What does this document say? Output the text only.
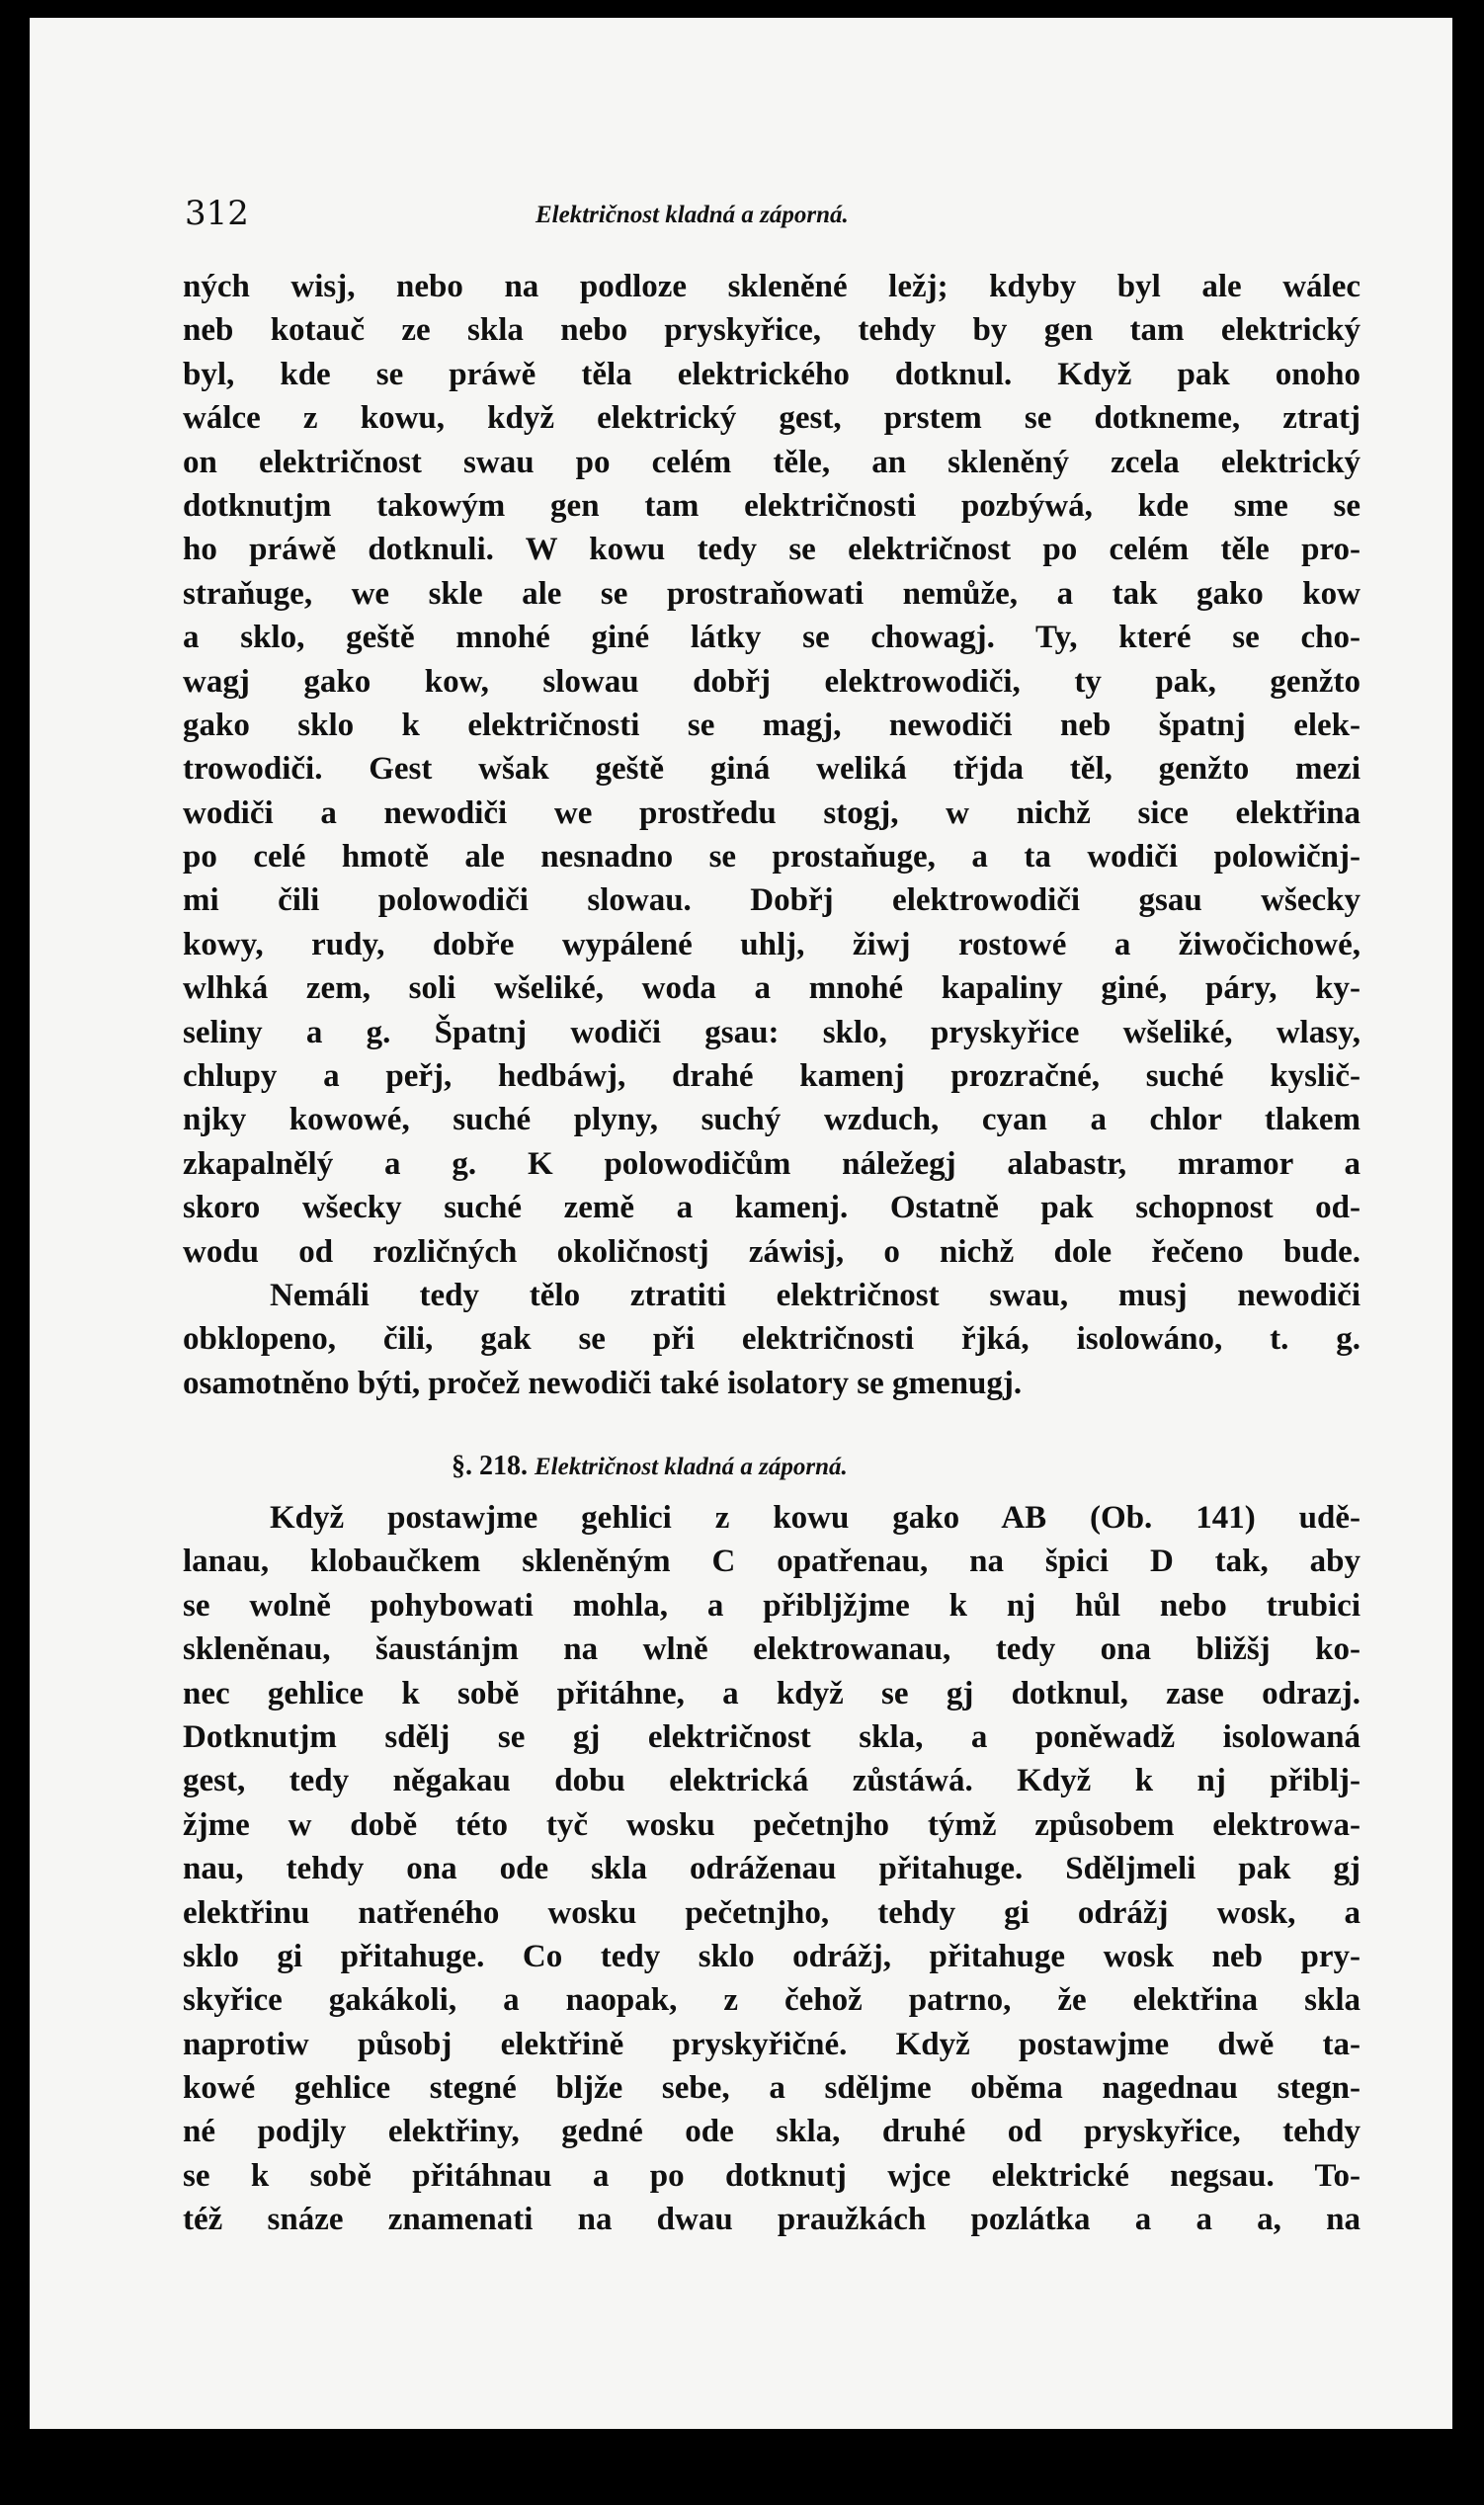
312	Električnost kladná a záporná.
ných wisj, nebo na podloze skleněné ležj; kdyby byl ale wálec
neb kotauč ze skla nebo pryskyřice, tehdy by gen tam elektrický
byl, kde se práwě těla elektrického dotknul. Když pak onoho
wálce z kowu, když elektrický gest, prstem se dotkneme, ztratj
on električnost swau po celém těle, an skleněný zcela elektrický
dotknutjm takowým gen tam električnosti pozbýwá, kde sme se
ho práwě dotknuli. W kowu tedy se električnost po celém těle pro-
straňuge, we skle ale se prostraňowati nemůže, a tak gako kow
a sklo, geště mnohé giné látky se chowagj. Ty, které se cho-
wagj gako kow, slowau dobřj elektrowodiči, ty pak, genžto
gako sklo k električnosti se magj, newodiči neb špatnj elek-
trowodiči. Gest wšak geště giná weliká třjda těl, genžto mezi
wodiči a newodiči we prostředu stogj, w nichž sice elektřina
po celé hmotě ale nesnadno se prostaňuge, a ta wodiči polowičnj-
mi čili polowodiči slowau. Dobřj elektrowodiči gsau wšecky
kowy, rudy, dobře wypálené uhlj, žiwj rostowé a žiwočichowé,
wlhká zem, soli wšeliké, woda a mnohé kapaliny giné, páry, ky-
seliny a g. Špatnj wodiči gsau: sklo, pryskyřice wšeliké, wlasy,
chlupy a peřj, hedbáwj, drahé kamenj prozračné, suché kyslič-
njky kowowé, suché plyny, suchý wzduch, cyan a chlor tlakem
zkapalnělý a g. K polowodičům náležegj alabastr, mramor a
skoro wšecky suché země a kamenj. Ostatně pak schopnost od-
wodu od rozličných okoličnostj záwisj, o nichž dole řečeno bude.
Nemáli tedy tělo ztratiti električnost swau, musj newodiči
obklopeno, čili, gak se při električnosti řjká, isolowáno, t. g.
osamotněno býti, pročež newodiči také isolatory se gmenugj.
§. 218. Električnost kladná a záporná.
Když postawjme gehlici z kowu gako AB (Ob. 141) udě-
lanau, klobaučkem skleněným C opatřenau, na špici D tak, aby
se wolně pohybowati mohla, a přibljžjme k nj hůl nebo trubici
skleněnau, šaustánjm na wlně elektrowanau, tedy ona bližšj ko-
nec gehlice k sobě přitáhne, a když se gj dotknul, zase odrazj.
Dotknutjm sdělj se gj električnost skla, a poněwadž isolowaná
gest, tedy něgakau dobu elektrická zůstáwá. Když k nj přiblj-
žjme w době této tyč wosku pečetnjho týmž způsobem elektrowa-
nau, tehdy ona ode skla odráženau přitahuge. Sděljmeli pak gj
elektřinu natřeného wosku pečetnjho, tehdy gi odrážj wosk, a
sklo gi přitahuge. Co tedy sklo odrážj, přitahuge wosk neb pry-
skyřice gakákoli, a naopak, z čehož patrno, že elektřina skla
naprotiw působj elektřině pryskyřičné. Když postawjme dwě ta-
kowé gehlice stegné bljže sebe, a sděljme oběma nagednau stegn-
né podjly elektřiny, gedné ode skla, druhé od pryskyřice, tehdy
se k sobě přitáhnau a po dotknutj wjce elektrické negsau. To-
též snáze znamenati na dwau praužkách pozlátka a a a, na
